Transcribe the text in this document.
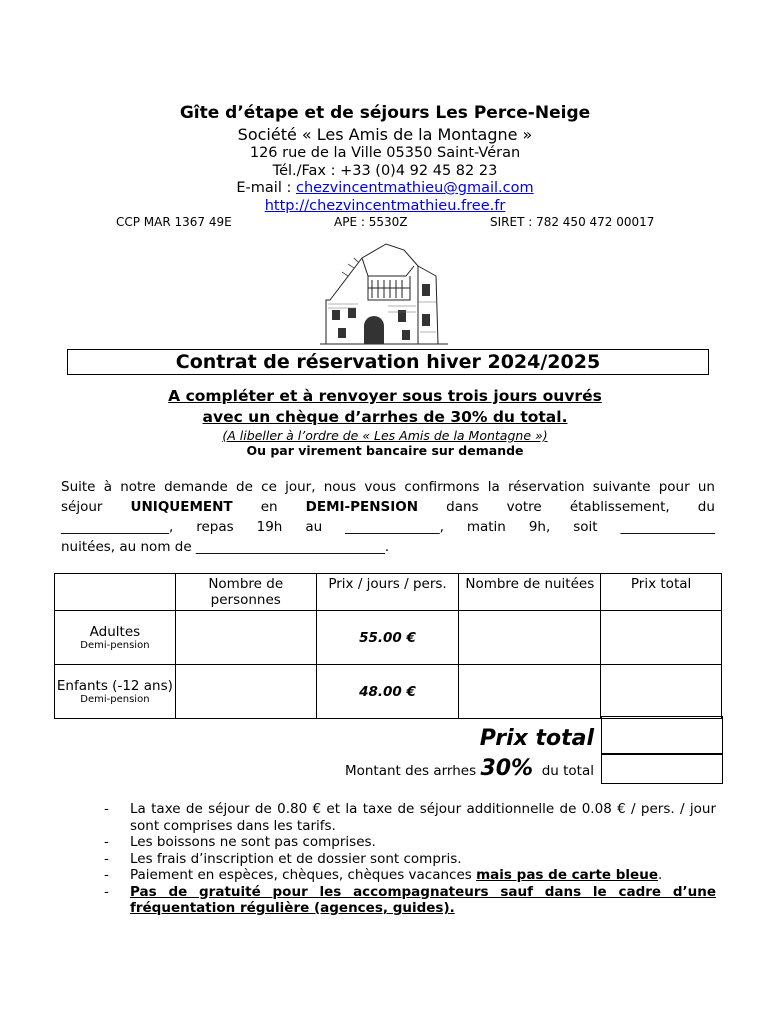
Gîte d’étape et de séjours Les Perce-Neige
Société « Les Amis de la Montagne »
126 rue de la Ville 05350 Saint-Véran
Tél./Fax : +33 (0)4 92 45 82 23
E-mail : chezvincentmathieu@gmail.com
http://chezvincentmathieu.free.fr
CCP MAR 1367 49E	APE : 5530Z	SIRET : 782 450 472 00017
Contrat de réservation hiver 2024/2025
A compléter et à renvoyer sous trois jours ouvrés
avec un chèque d’arrhes de 30% du total.
(A libeller à l’ordre de « Les Amis de la Montagne »)
Ou par virement bancaire sur demande
Suite à notre demande de ce jour, nous vous confirmons la réservation suivante pour un
séjour UNIQUEMENT en DEMI-PENSION dans votre établissement, du
________________, repas 19h au ______________, matin 9h, soit ______________
nuitées, au nom de ____________________________.
	Nombre de personnes	Prix / jours / pers.	Nombre de nuitées	Prix total

Adultes
Demi-pension		55.00 €		

Enfants (-12 ans)
Demi-pension		48.00 €		
Prix total
Montant des arrhes 30% du total
-	La taxe de séjour de 0.80 € et la taxe de séjour additionnelle de 0.08 € / pers. / jour sont comprises dans les tarifs.
-	Les boissons ne sont pas comprises.
-	Les frais d’inscription et de dossier sont compris.
-	Paiement en espèces, chèques, chèques vacances mais pas de carte bleue.
-	Pas de gratuité pour les accompagnateurs sauf dans le cadre d’une fréquentation régulière (agences, guides).
